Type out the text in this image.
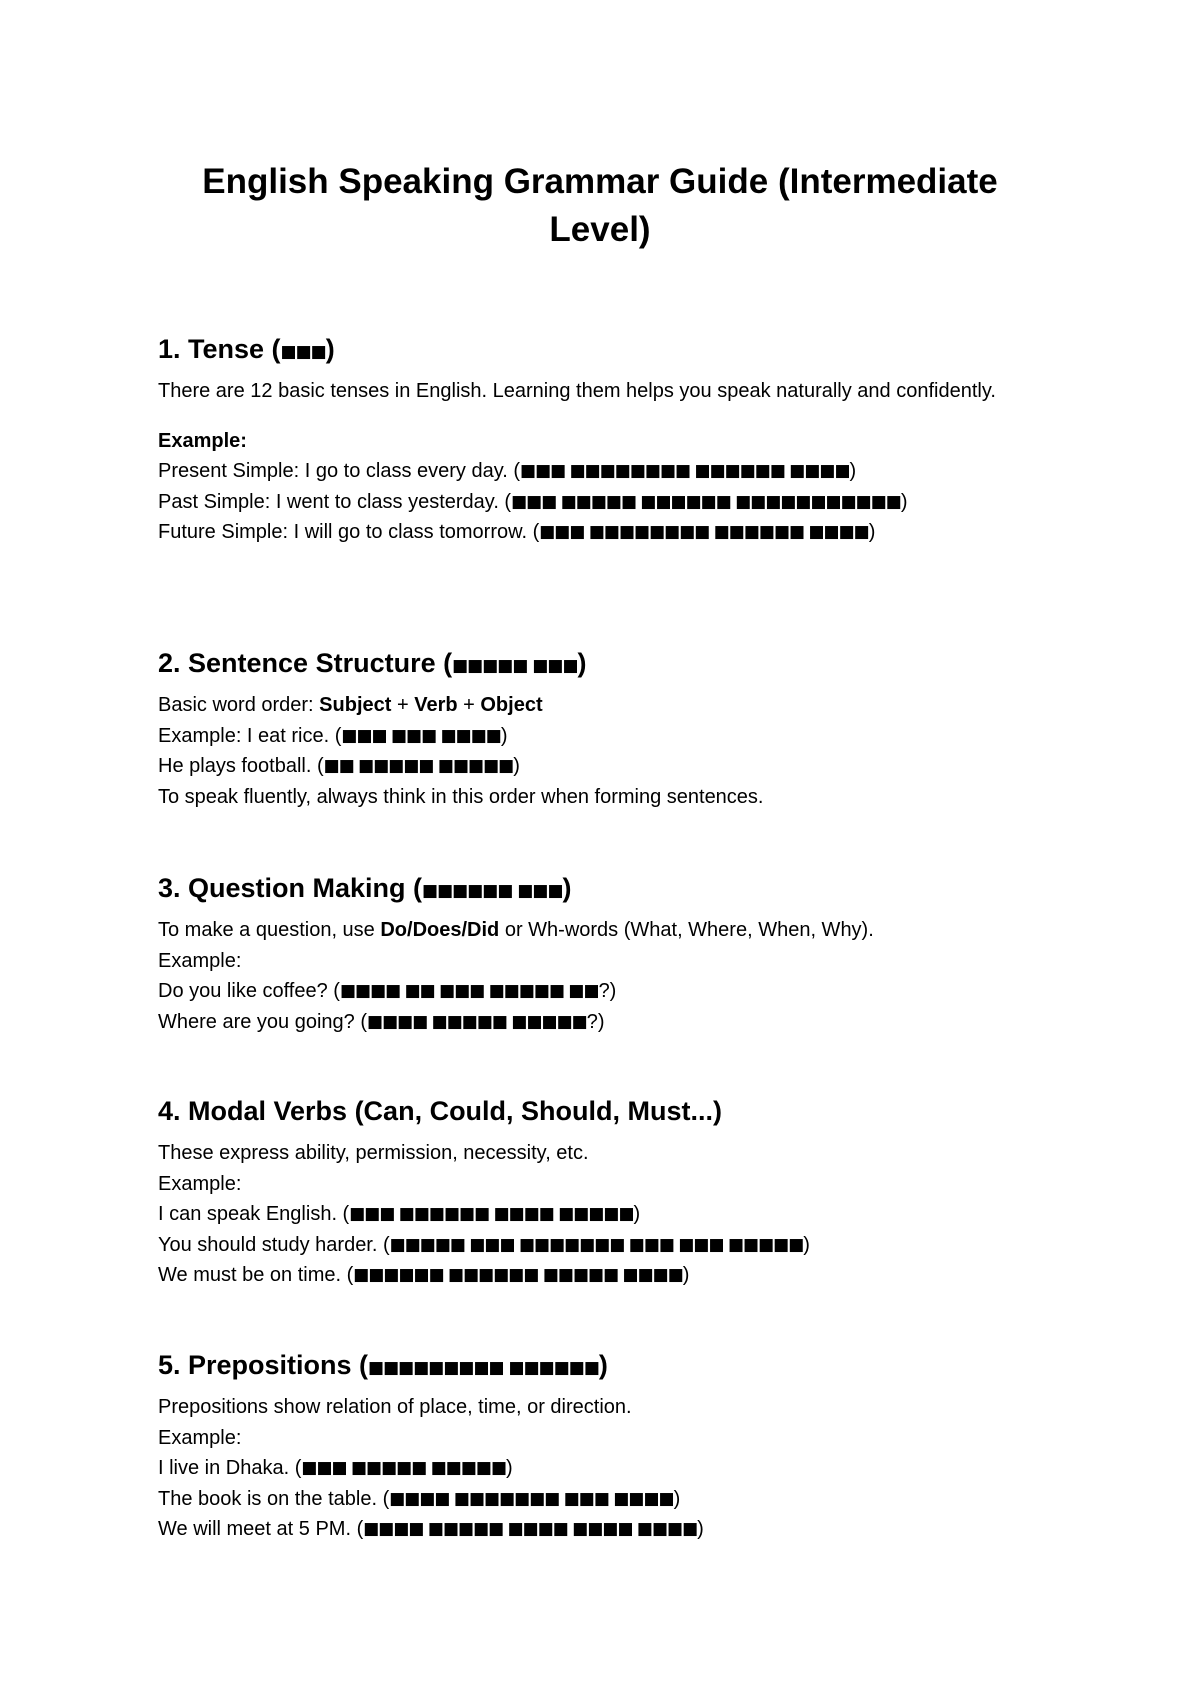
English Speaking Grammar Guide (Intermediate Level)
1. Tense (■■■)
There are 12 basic tenses in English. Learning them helps you speak naturally and confidently.
Example:
Present Simple: I go to class every day. (■■■ ■■■■■■■■ ■■■■■■ ■■■■)
Past Simple: I went to class yesterday. (■■■ ■■■■■ ■■■■■■ ■■■■■■■■■■■)
Future Simple: I will go to class tomorrow. (■■■ ■■■■■■■■ ■■■■■■ ■■■■)
2. Sentence Structure (■■■■■ ■■■)
Basic word order: Subject + Verb + Object
Example: I eat rice. (■■■ ■■■ ■■■■)
He plays football. (■■ ■■■■■ ■■■■■)
To speak fluently, always think in this order when forming sentences.
3. Question Making (■■■■■■ ■■■)
To make a question, use Do/Does/Did or Wh-words (What, Where, When, Why).
Example:
Do you like coffee? (■■■■ ■■ ■■■ ■■■■■ ■■?)
Where are you going? (■■■■ ■■■■■ ■■■■■?)
4. Modal Verbs (Can, Could, Should, Must...)
These express ability, permission, necessity, etc.
Example:
I can speak English. (■■■ ■■■■■■ ■■■■ ■■■■■)
You should study harder. (■■■■■ ■■■ ■■■■■■■ ■■■ ■■■ ■■■■■)
We must be on time. (■■■■■■ ■■■■■■ ■■■■■ ■■■■)
5. Prepositions (■■■■■■■■■ ■■■■■■)
Prepositions show relation of place, time, or direction.
Example:
I live in Dhaka. (■■■ ■■■■■ ■■■■■)
The book is on the table. (■■■■ ■■■■■■■ ■■■ ■■■■)
We will meet at 5 PM. (■■■■ ■■■■■ ■■■■ ■■■■ ■■■■)
